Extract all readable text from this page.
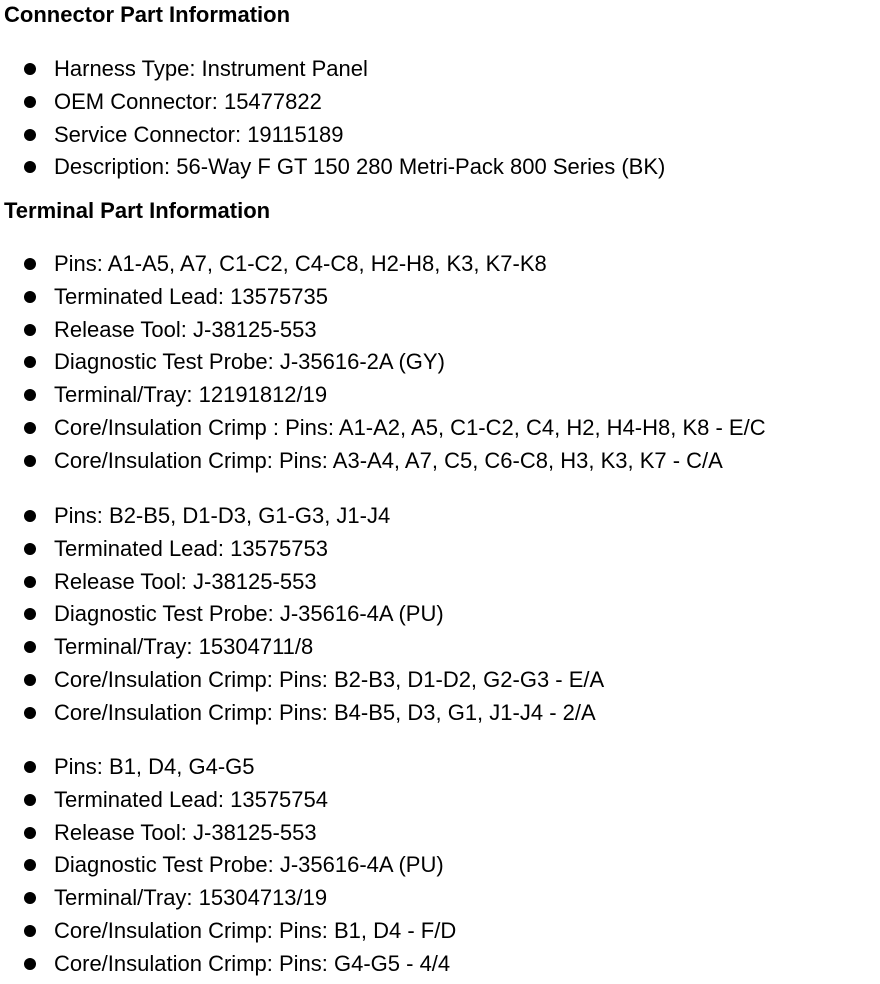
Connector Part Information
Harness Type: Instrument Panel
OEM Connector: 15477822
Service Connector: 19115189
Description: 56-Way F GT 150 280 Metri-Pack 800 Series (BK)
Terminal Part Information
Pins: A1-A5, A7, C1-C2, C4-C8, H2-H8, K3, K7-K8
Terminated Lead: 13575735
Release Tool: J-38125-553
Diagnostic Test Probe: J-35616-2A (GY)
Terminal/Tray: 12191812/19
Core/Insulation Crimp : Pins: A1-A2, A5, C1-C2, C4, H2, H4-H8, K8 - E/C
Core/Insulation Crimp: Pins: A3-A4, A7, C5, C6-C8, H3, K3, K7 - C/A
Pins: B2-B5, D1-D3, G1-G3, J1-J4
Terminated Lead: 13575753
Release Tool: J-38125-553
Diagnostic Test Probe: J-35616-4A (PU)
Terminal/Tray: 15304711/8
Core/Insulation Crimp: Pins: B2-B3, D1-D2, G2-G3 - E/A
Core/Insulation Crimp: Pins: B4-B5, D3, G1, J1-J4 - 2/A
Pins: B1, D4, G4-G5
Terminated Lead: 13575754
Release Tool: J-38125-553
Diagnostic Test Probe: J-35616-4A (PU)
Terminal/Tray: 15304713/19
Core/Insulation Crimp: Pins: B1, D4 - F/D
Core/Insulation Crimp: Pins: G4-G5 - 4/4
